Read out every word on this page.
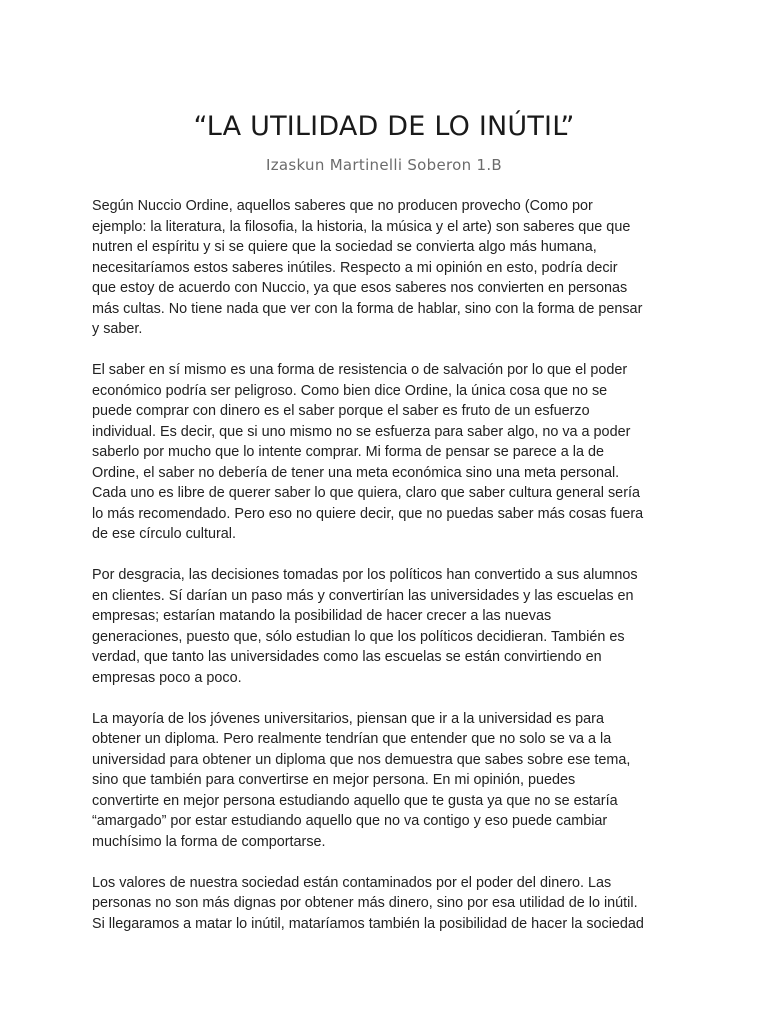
“LA UTILIDAD DE LO INÚTIL”
Izaskun Martinelli Soberon 1.B

Según Nuccio Ordine, aquellos saberes que no producen provecho (Como por
ejemplo: la literatura, la filosofia, la historia, la música y el arte) son saberes que que
nutren el espíritu y si se quiere que la sociedad se convierta algo más humana,
necesitaríamos estos saberes inútiles. Respecto a mi opinión en esto, podría decir
que estoy de acuerdo con Nuccio, ya que esos saberes nos convierten en personas
más cultas. No tiene nada que ver con la forma de hablar, sino con la forma de pensar
y saber.

El saber en sí mismo es una forma de resistencia o de salvación por lo que el poder
económico podría ser peligroso. Como bien dice Ordine, la única cosa que no se
puede comprar con dinero es el saber porque el saber es fruto de un esfuerzo
individual. Es decir, que si uno mismo no se esfuerza para saber algo, no va a poder
saberlo por mucho que lo intente comprar. Mi forma de pensar se parece a la de
Ordine, el saber no debería de tener una meta económica sino una meta personal.
Cada uno es libre de querer saber lo que quiera, claro que saber cultura general sería
lo más recomendado. Pero eso no quiere decir, que no puedas saber más cosas fuera
de ese círculo cultural.

Por desgracia, las decisiones tomadas por los políticos han convertido a sus alumnos
en clientes. Sí darían un paso más y convertirían las universidades y las escuelas en
empresas; estarían matando la posibilidad de hacer crecer a las nuevas
generaciones, puesto que, sólo estudian lo que los políticos decidieran. También es
verdad, que tanto las universidades como las escuelas se están convirtiendo en
empresas poco a poco.

La mayoría de los jóvenes universitarios, piensan que ir a la universidad es para
obtener un diploma. Pero realmente tendrían que entender que no solo se va a la
universidad para obtener un diploma que nos demuestra que sabes sobre ese tema,
sino que también para convertirse en mejor persona. En mi opinión, puedes
convertirte en mejor persona estudiando aquello que te gusta ya que no se estaría
“amargado” por estar estudiando aquello que no va contigo y eso puede cambiar
muchísimo la forma de comportarse.

Los valores de nuestra sociedad están contaminados por el poder del dinero. Las
personas no son más dignas por obtener más dinero, sino por esa utilidad de lo inútil.
Si llegaramos a matar lo inútil, mataríamos también la posibilidad de hacer la sociedad
